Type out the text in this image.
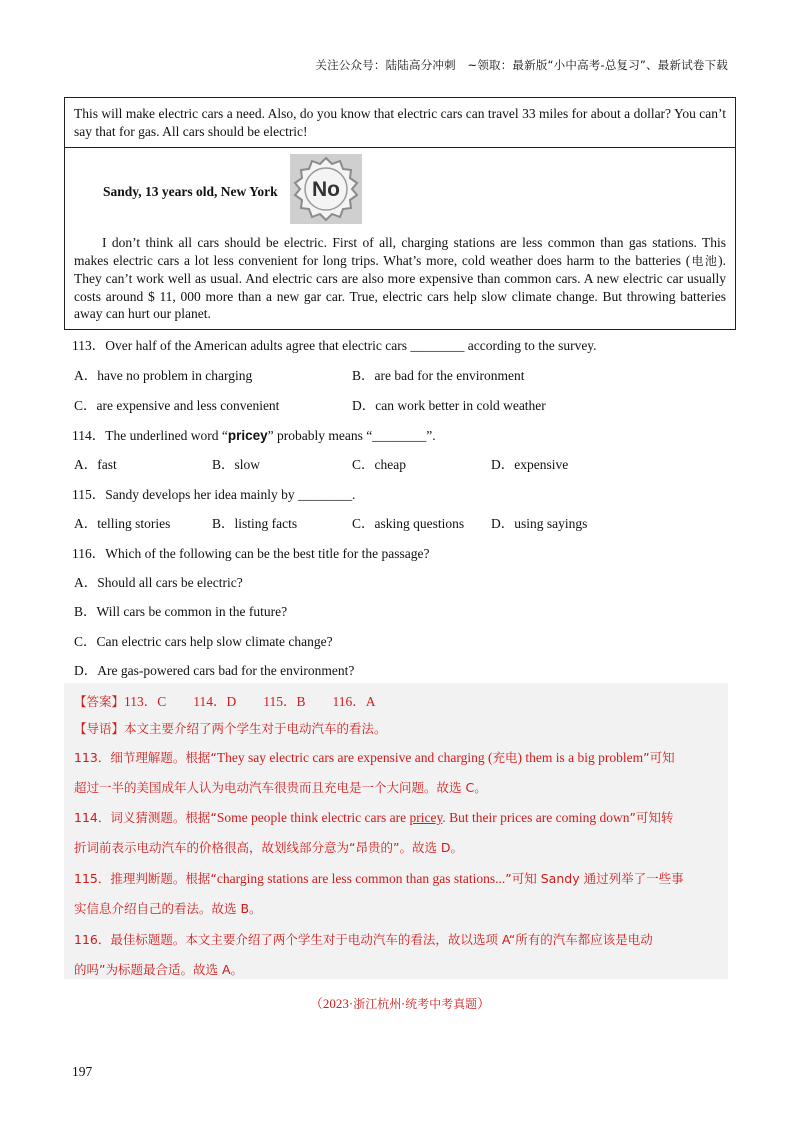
关注公众号：陆陆高分冲刺　~领取：最新版“小中高考-总复习”、最新试卷下载

This will make electric cars a need. Also, do you know that electric cars can travel 33 miles for about a dollar? You can’t say that for gas. All cars should be electric!

I don’t think all cars should be electric. First of all, charging stations are less common than gas stations. This makes electric cars a lot less convenient for long trips. What’s more, cold weather does harm to the batteries (电池). They can’t work well as usual. And electric cars are also more expensive than common cars. A new electric car usually costs around $ 11, 000 more than a new gar car. True, electric cars help slow climate change. But throwing batteries away can hurt our planet.

Sandy, 13 years old, New York No
113．Over half of the American adults agree that electric cars ________ according to the survey.
A．have no problem in charging	B．are bad for the environment
C．are expensive and less convenient	D．can work better in cold weather
114．The underlined word “pricey” probably means “________”.
A．fast	B．slow	C．cheap	D．expensive
115．Sandy develops her idea mainly by ________.
A．telling stories	B．listing facts	C．asking questions D．using sayings
116．Which of the following can be the best title for the passage?
A．Should all cars be electric?
B．Will cars be common in the future?
C．Can electric cars help slow climate change?
D．Are gas-powered cars bad for the environment?
【答案】113．C　　114．D　　115．B　　116．A
【导语】本文主要介绍了两个学生对于电动汽车的看法。
113．细节理解题。根据“They say electric cars are expensive and charging (充电) them is a big problem”可知
超过一半的美国成年人认为电动汽车很贵而且充电是一个大问题。故选 C。
114．词义猜测题。根据“Some people think electric cars are pricey. But their prices are coming down”可知转
折词前表示电动汽车的价格很高，故划线部分意为“昂贵的”。故选 D。
115．推理判断题。根据“charging stations are less common than gas stations...”可知 Sandy 通过列举了一些事
实信息介绍自己的看法。故选 B。
116．最佳标题题。本文主要介绍了两个学生对于电动汽车的看法，故以选项 A“所有的汽车都应该是电动
的吗”为标题最合适。故选 A。
（2023·浙江杭州·统考中考真题）
197
